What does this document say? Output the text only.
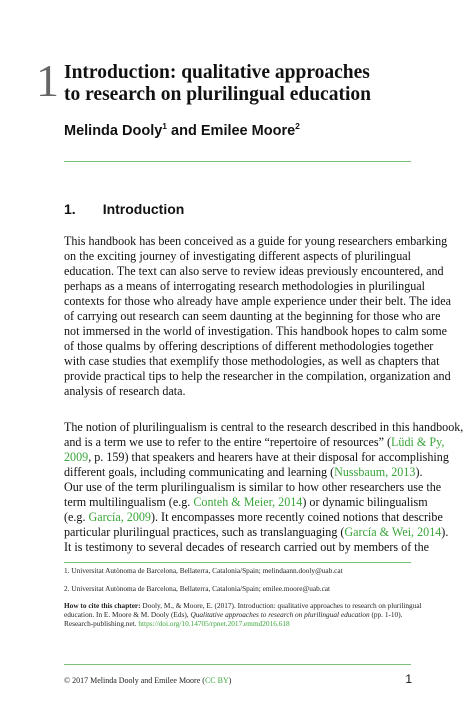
1 Introduction: qualitative approaches
to research on plurilingual education
Melinda Dooly$^1$ and Emilee Moore$^2$
1. Introduction
This handbook has been conceived as a guide for young researchers embarking
on the exciting journey of investigating different aspects of plurilingual
education. The text can also serve to review ideas previously encountered, and
perhaps as a means of interrogating research methodologies in plurilingual
contexts for those who already have ample experience under their belt. The idea
of carrying out research can seem daunting at the beginning for those who are
not immersed in the world of investigation. This handbook hopes to calm some
of those qualms by offering descriptions of different methodologies together
with case studies that exemplify those methodologies, as well as chapters that
provide practical tips to help the researcher in the compilation, organization and
analysis of research data.
The notion of plurilingualism is central to the research described in this handbook,
and is a term we use to refer to the entire “repertoire of resources” (Lüdi & Py,
2009, p. 159) that speakers and hearers have at their disposal for accomplishing
different goals, including communicating and learning (Nussbaum, 2013).
Our use of the term plurilingualism is similar to how other researchers use the
term multilingualism (e.g. Conteh & Meier, 2014) or dynamic bilingualism
(e.g. García, 2009). It encompasses more recently coined notions that describe
particular plurilingual practices, such as translanguaging (García & Wei, 2014).
It is testimony to several decades of research carried out by members of the
1. Universitat Autònoma de Barcelona, Bellaterra, Catalonia/Spain; melindaann.dooly@uab.cat
2. Universitat Autònoma de Barcelona, Bellaterra, Catalonia/Spain; emilee.moore@uab.cat
How to cite this chapter: Dooly, M., & Moore, E. (2017). Introduction: qualitative approaches to research on plurilingual
education. In E. Moore & M. Dooly (Eds), Qualitative approaches to research on plurilingual education (pp. 1-10).
Research-publishing.net. https://doi.org/10.14705/rpnet.2017.emmd2016.618
© 2017 Melinda Dooly and Emilee Moore (CC BY)	1
